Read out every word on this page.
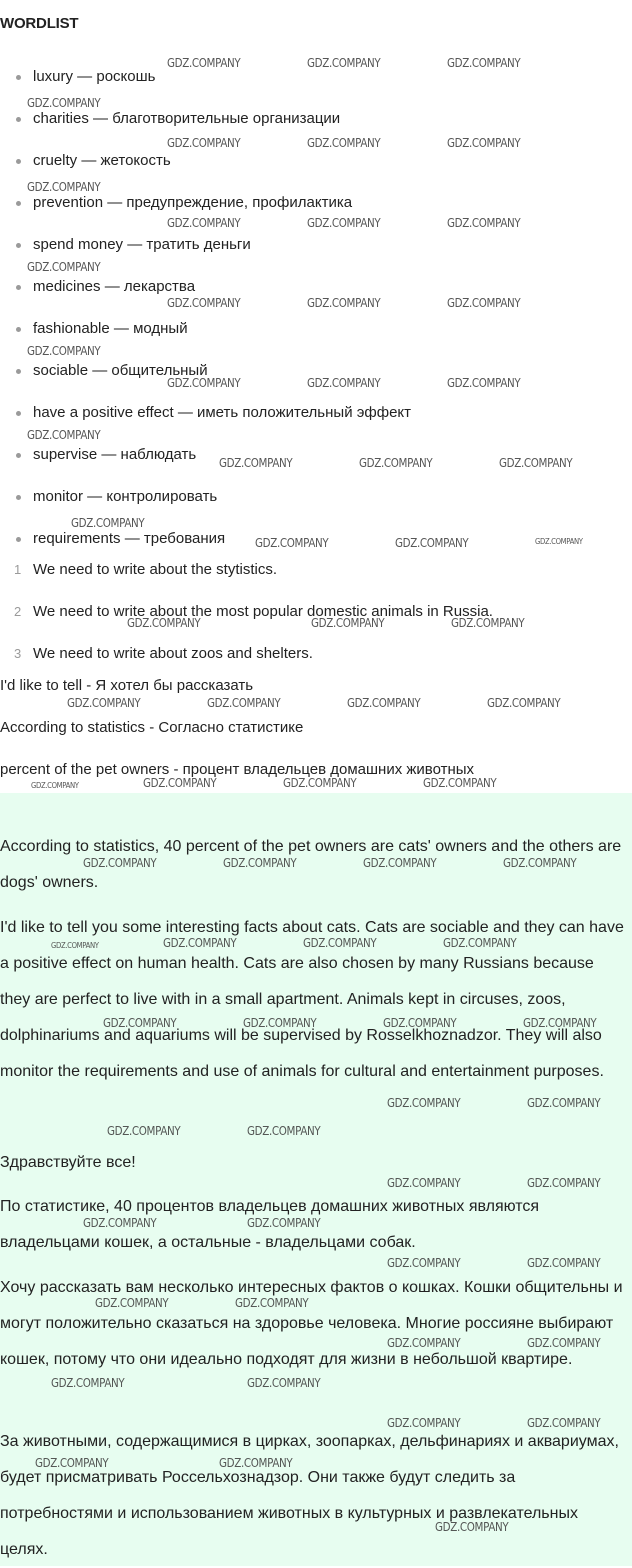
WORDLIST
luxury — роскошь
charities — благотворительные организации
cruelty — жетокость
prevention — предупреждение, профилактика
spend money — тратить деньги
medicines — лекарства
fashionable — модный
sociable — общительный
have a positive effect — иметь положительный эффект
supervise — наблюдать
monitor — контролировать
requirements — требования
1 We need to write about the stytistics.
2 We need to write about the most popular domestic animals in Russia.
3 We need to write about zoos and shelters.
I'd like to tell - Я хотел бы рассказать
According to statistics - Согласно статистике
percent of the pet owners - процент владельцев домашних животных

According to statistics, 40 percent of the pet owners are cats' owners and the others are dogs' owners.

I'd like to tell you some interesting facts about cats. Cats are sociable and they can have a positive effect on human health. Cats are also chosen by many Russians because they are perfect to live with in a small apartment. Animals kept in circuses, zoos, dolphinariums and aquariums will be supervised by Rosselkhoznadzor. They will also monitor the requirements and use of animals for cultural and entertainment purposes.

Здравствуйте все!

По статистике, 40 процентов владельцев домашних животных являются владельцами кошек, а остальные - владельцами собак.

Хочу рассказать вам несколько интересных фактов о кошках. Кошки общительны и могут положительно сказаться на здоровье человека. Многие россияне выбирают кошек, потому что они идеально подходят для жизни в небольшой квартире.

За животными, содержащимися в цирках, зоопарках, дельфинариях и аквариумах, будет присматривать Россельхознадзор. Они также будут следить за потребностями и использованием животных в культурных и развлекательных целях.

GDZ.COMPANY	GDZ.COMPANY	GDZ.COMPANY
GDZ.COMPANY
GDZ.COMPANY	GDZ.COMPANY	GDZ.COMPANY
GDZ.COMPANY
GDZ.COMPANY	GDZ.COMPANY	GDZ.COMPANY
GDZ.COMPANY
GDZ.COMPANY	GDZ.COMPANY	GDZ.COMPANY
GDZ.COMPANY
GDZ.COMPANY	GDZ.COMPANY	GDZ.COMPANY
GDZ.COMPANY
GDZ.COMPANY	GDZ.COMPANY	GDZ.COMPANY
GDZ.COMPANY
GDZ.COMPANY	GDZ.COMPANY	GDZ.COMPANY
GDZ.COMPANY	GDZ.COMPANY	GDZ.COMPANY
GDZ.COMPANY	GDZ.COMPANY	GDZ.COMPANY	GDZ.COMPANY
GDZ.COMPANY	GDZ.COMPANY	GDZ.COMPANY	GDZ.COMPANY
GDZ.COMPANY	GDZ.COMPANY	GDZ.COMPANY	GDZ.COMPANY
GDZ.COMPANY	GDZ.COMPANY	GDZ.COMPANY	GDZ.COMPANY
GDZ.COMPANY	GDZ.COMPANY	GDZ.COMPANY	GDZ.COMPANY
GDZ.COMPANY	GDZ.COMPANY
GDZ.COMPANY	GDZ.COMPANY
GDZ.COMPANY	GDZ.COMPANY
GDZ.COMPANY	GDZ.COMPANY
GDZ.COMPANY	GDZ.COMPANY
GDZ.COMPANY	GDZ.COMPANY
GDZ.COMPANY	GDZ.COMPANY
GDZ.COMPANY	GDZ.COMPANY
GDZ.COMPANY	GDZ.COMPANY
GDZ.COMPANY	GDZ.COMPANY
GDZ.COMPANY
